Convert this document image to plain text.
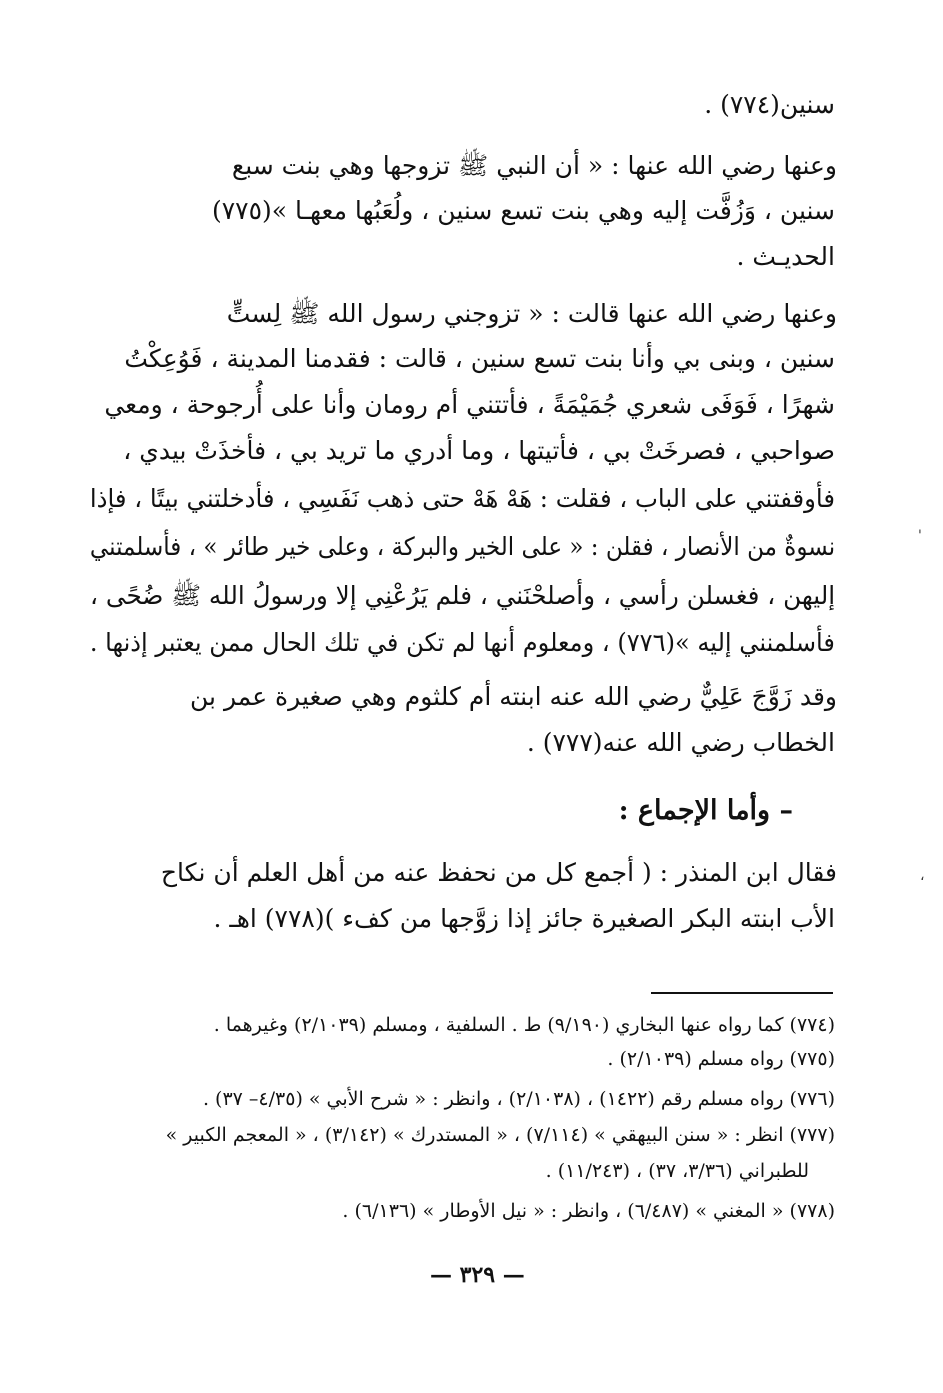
سنين(٧٧٤) .
وعنها رضي الله عنها : « أن النبي ﷺ تزوجها وهي بنت سبع
سنين ، وَزُفَّت إليه وهي بنت تسع سنين ، ولُعَبُها معهـا »(٧٧٥)
الحديـث .
وعنها رضي الله عنها قالت : « تزوجني رسول الله ﷺ لِستٍّ
سنين ، وبنى بي وأنا بنت تسع سنين ، قالت : فقدمنا المدينة ، فَوُعِكْتُ
شهرًا ، فَوَفَى شعري جُمَيْمَةً ، فأتتني أم رومان وأنا على أُرجوحة ، ومعي
صواحبي ، فصرخَتْ بي ، فأتيتها ، وما أدري ما تريد بي ، فأخذَتْ بيدي ،
فأوقفتني على الباب ، فقلت : هَهْ هَهْ حتى ذهب نَفَسِي ، فأدخلتني بيتًا ، فإذا
نسوةٌ من الأنصار ، فقلن : « على الخير والبركة ، وعلى خير طائر » ، فأسلمتني
إليهن ، فغسلن رأسي ، وأصلحْنَني ، فلم يَرُعْنِي إلا ورسولُ الله ﷺ ضُحًى ،
فأسلمنني إليه »(٧٧٦) ، ومعلوم أنها لم تكن في تلك الحال ممن يعتبر إذنها .
وقد زَوَّجَ عَلِيٌّ رضي الله عنه ابنته أم كلثوم وهي صغيرة عمر بن
الخطاب رضي الله عنه(٧٧٧) .
– وأما الإجماع :
فقال ابن المنذر : ( أجمع كل من نحفظ عنه من أهل العلم أن نكاح
الأب ابنته البكر الصغيرة جائز إذا زوَّجها من كفء )(٧٧٨) اهـ .
(٧٧٤) كما رواه عنها البخاري (٩/١٩٠) ط . السلفية ، ومسلم (٢/١٠٣٩) وغيرهما .
(٧٧٥) رواه مسلم (٢/١٠٣٩) .
(٧٧٦) رواه مسلم رقم (١٤٢٢) ، (٢/١٠٣٨) ، وانظر : « شرح الأبي » (٤/٣٥– ٣٧) .
(٧٧٧) انظر : « سنن البيهقي » (٧/١١٤) ، « المستدرك » (٣/١٤٢) ، « المعجم الكبير »
للطبراني (٣/٣٦، ٣٧) ، (١١/٢٤٣) .
(٧٧٨) « المغني » (٦/٤٨٧) ، وانظر : « نيل الأوطار » (٦/١٣٦) .
— ٣٢٩ —
'
،
